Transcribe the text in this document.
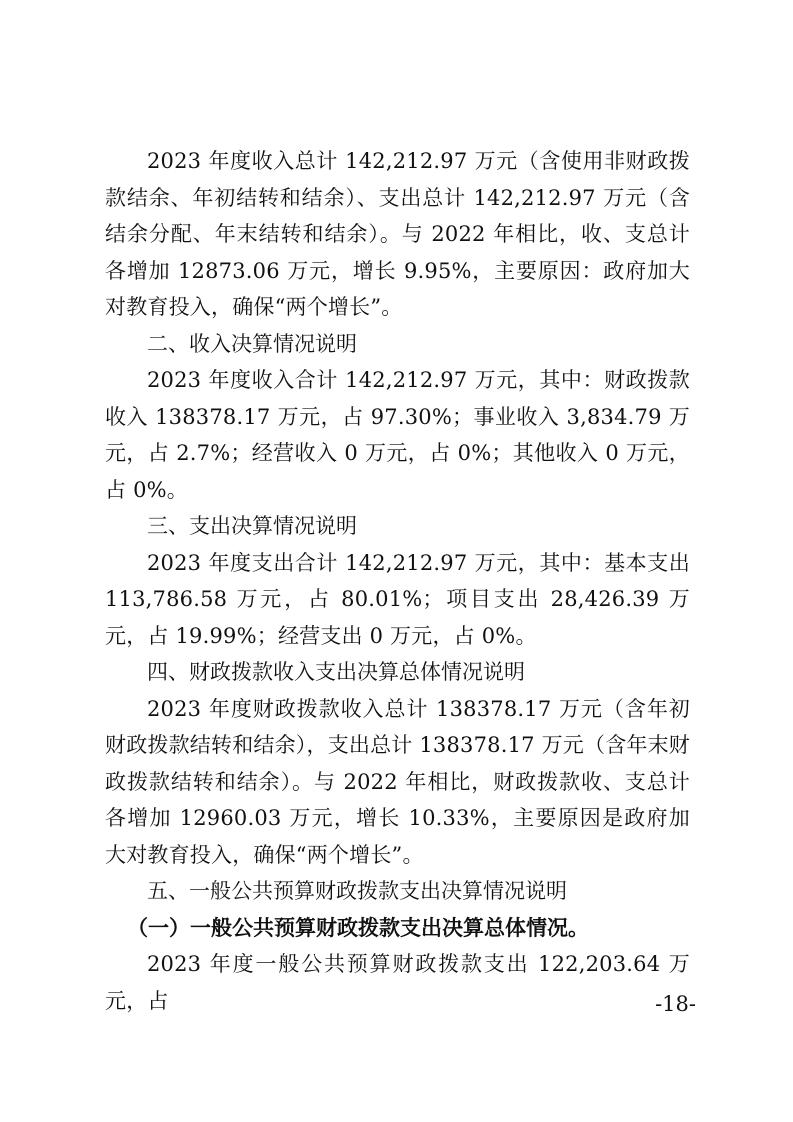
2023 年度收入总计 142,212.97 万元（含使用非财政拨款结余、年初结转和结余）、支出总计 142,212.97 万元（含结余分配、年末结转和结余）。与 2022 年相比，收、支总计各增加 12873.06 万元，增长 9.95%，主要原因：政府加大对教育投入，确保“两个增长”。

二、收入决算情况说明

2023 年度收入合计 142,212.97 万元，其中：财政拨款收入 138378.17 万元，占 97.30%；事业收入 3,834.79 万元，占 2.7%；经营收入 0 万元，占 0%；其他收入 0 万元，占 0%。

三、支出决算情况说明

2023 年度支出合计 142,212.97 万元，其中：基本支出 113,786.58 万元，占 80.01%；项目支出 28,426.39 万元，占 19.99%；经营支出 0 万元，占 0%。

四、财政拨款收入支出决算总体情况说明

2023 年度财政拨款收入总计 138378.17 万元（含年初财政拨款结转和结余），支出总计 138378.17 万元（含年末财政拨款结转和结余）。与 2022 年相比，财政拨款收、支总计各增加 12960.03 万元，增长 10.33%，主要原因是政府加大对教育投入，确保“两个增长”。

五、一般公共预算财政拨款支出决算情况说明
（一）一般公共预算财政拨款支出决算总体情况。

2023 年度一般公共预算财政拨款支出 122,203.64 万元，占	-18-
